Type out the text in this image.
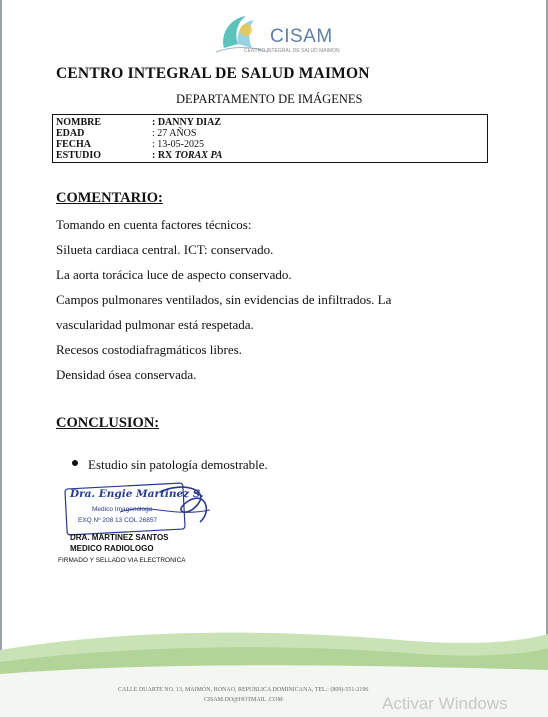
CISAM
CENTRO INTEGRAL DE SALUD MAIMON
CENTRO INTEGRAL DE SALUD MAIMON
DEPARTAMENTO DE IMÁGENES
NOMBRE	: DANNY DIAZ
EDAD	: 27 AÑOS
FECHA	: 13-05-2025
ESTUDIO	: RX TORAX PA
COMENTARIO:
Tomando en cuenta factores técnicos:
Silueta cardiaca central. ICT: conservado.
La aorta torácica luce de aspecto conservado.
Campos pulmonares ventilados, sin evidencias de infiltrados. La
vascularidad pulmonar está respetada.
Recesos costodiafragmáticos libres.
Densidad ósea conservada.
CONCLUSION:
Estudio sin patología demostrable.
Dra. Engie Martinez S.
Medico Imagenologo
EXQ Nº 208 13 COL 26857
DRA. MARTINEZ SANTOS
MEDICO RADIOLOGO
FIRMADO Y SELLADO VIA ELECTRONICA
CALLE DUARTE NO. 13, MAIMÓN, BONAO, REPUBLICA DOMINICANA, TEL.: (809)-551-2196
CISAM.DO@HOTMAIL .COM	Activar Windows
